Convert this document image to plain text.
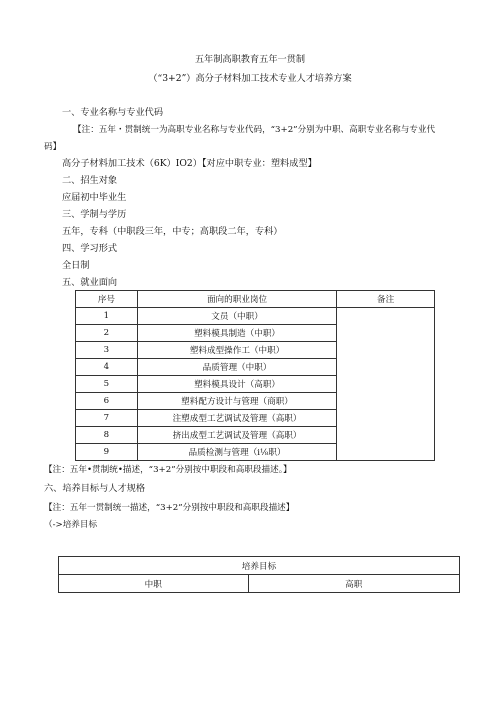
五年制高职教育五年一贯制
（“3+2”）高分子材料加工技术专业人才培养方案
一、专业名称与专业代码
【注：五年・贯制统一为高职专业名称与专业代码，“3+2”分别为中职、高职专业名称与专业代
码】
高分子材料加工技术（6K）IO2）【对应中职专业：塑料成型】
二、招生对象
应届初中毕业生
三、学制与学历
五年，专科（中职段三年，中专；高职段二年，专科）
四、学习形式
全日制
五、就业面向
序号	面向的职业岗位	备注
1	文员（中职）	
2	塑料模具制造（中职）	
3	塑料成型操作工（中职）	
4	品质管理（中职）	
5	塑料模具设计（高职）	
6	塑料配方设计与管理（商职）	
7	注塑成型工艺调试及管理（高职）	
8	挤出成型工艺调试及管理（高职）	
9	品质检测与管理（i⅛职）	
【注：五年•贯制统•描述，“3+2”分别按中职段和高职段描述。】
六、培养目标与人才规格
【注：五年一贯制统一描述，“3+2”分别按中职段和高职段描述】
（->培养目标
培养目标
中职	高职
